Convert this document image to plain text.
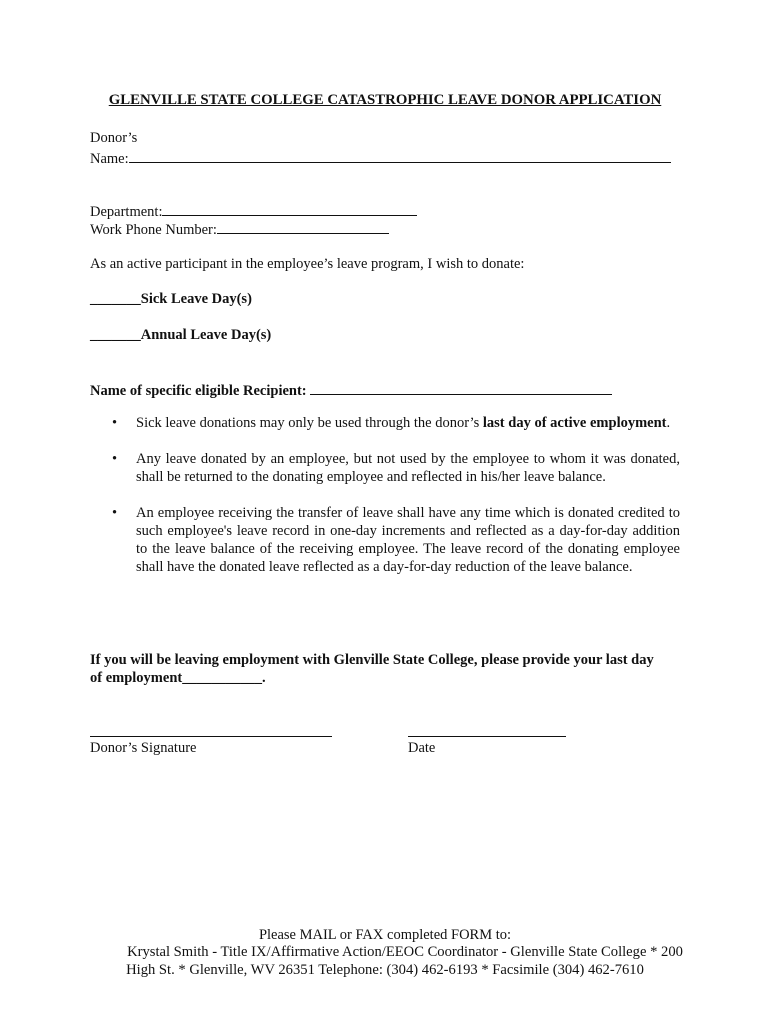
GLENVILLE STATE COLLEGE CATASTROPHIC LEAVE DONOR APPLICATION
Donor’s
Name:
Department:
Work Phone Number:
As an active participant in the employee’s leave program, I wish to donate:
_______Sick Leave Day(s)
_______Annual Leave Day(s)
Name of specific eligible Recipient:
• Sick leave donations may only be used through the donor’s last day of active employment.
• Any leave donated by an employee, but not used by the employee to whom it was donated, shall be returned to the donating employee and reflected in his/her leave balance.
• An employee receiving the transfer of leave shall have any time which is donated credited to such employee's leave record in one-day increments and reflected as a day-for-day addition to the leave balance of the receiving employee. The leave record of the donating employee shall have the donated leave reflected as a day-for-day reduction of the leave balance.
If you will be leaving employment with Glenville State College, please provide your last day
of employment___________.
Donor’s Signature	Date
Please MAIL or FAX completed FORM to:
Krystal Smith - Title IX/Affirmative Action/EEOC Coordinator - Glenville State College * 200
High St. * Glenville, WV 26351 Telephone: (304) 462-6193 * Facsimile (304) 462-7610
